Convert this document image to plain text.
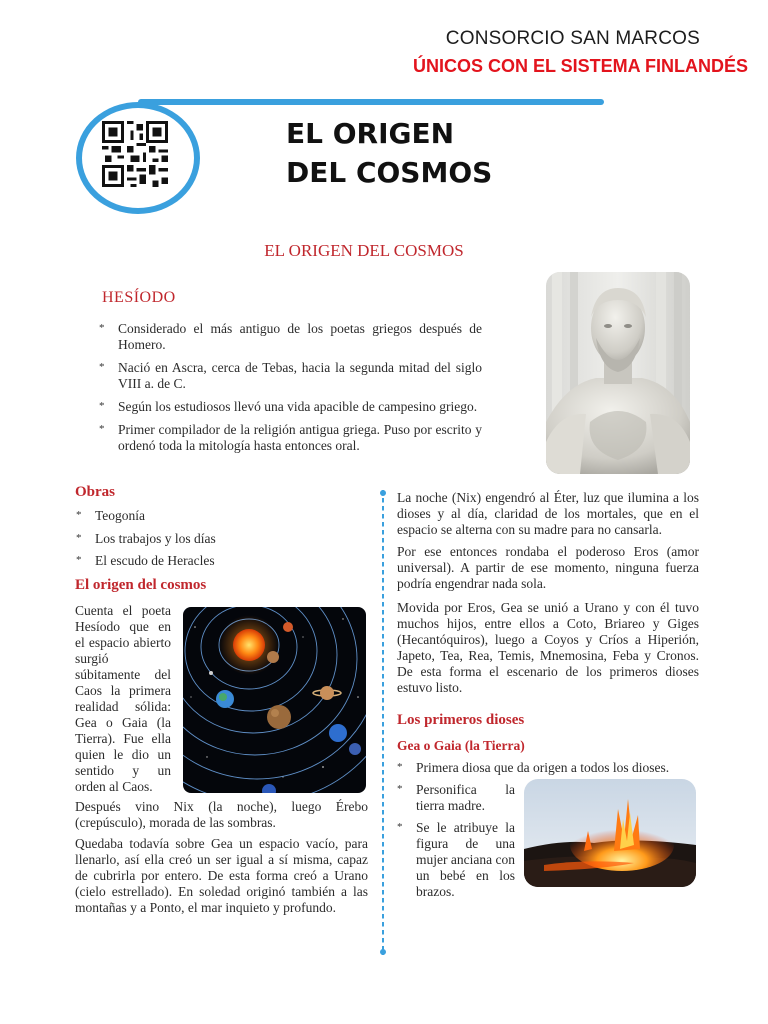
CONSORCIO SAN MARCOS
ÚNICOS CON EL SISTEMA FINLANDÉS
EL ORIGEN
DEL COSMOS
EL ORIGEN DEL COSMOS
HESÍODO
* Considerado el más antiguo de los poetas griegos después de Homero.
* Nació en Ascra, cerca de Tebas, hacia la segunda mitad del siglo VIII a. de C.
* Según los estudiosos llevó una vida apacible de campesino griego.
* Primer compilador de la religión antigua griega. Puso por escrito y ordenó toda la mitología hasta entonces oral.
Obras
* Teogonía
* Los trabajos y los días
* El escudo de Heracles
El origen del cosmos

Cuenta el poeta Hesíodo que en el espacio abierto surgió súbitamente del Caos la primera realidad sólida: Gea o Gaia (la Tierra). Fue ella quien le dio un sentido y un orden al Caos.

Después vino Nix (la noche), luego Érebo (crepúsculo), morada de las sombras.

Quedaba todavía sobre Gea un espacio vacío, para llenarlo, así ella creó un ser igual a sí misma, capaz de cubrirla por entero. De esta forma creó a Urano (cielo estrellado). En soledad originó también a las montañas y a Ponto, el mar inquieto y profundo.

La noche (Nix) engendró al Éter, luz que ilumina a los dioses y al día, claridad de los mortales, que en el espacio se alterna con su madre para no cansarla.

Por ese entonces rondaba el poderoso Eros (amor universal). A partir de ese momento, ninguna fuerza podría engendrar nada sola.

Movida por Eros, Gea se unió a Urano y con él tuvo muchos hijos, entre ellos a Coto, Briareo y Giges (Hecantóquiros), luego a Coyos y Críos a Hiperión, Japeto, Tea, Rea, Temis, Mnemosina, Feba y Cronos. De esta forma el escenario de los primeros dioses estuvo listo.

Los primeros dioses
Gea o Gaia (la Tierra)
* Primera diosa que da origen a todos los dioses.
* Personifica la tierra madre.
* Se le atribuye la figura de una mujer anciana con un bebé en los brazos.
